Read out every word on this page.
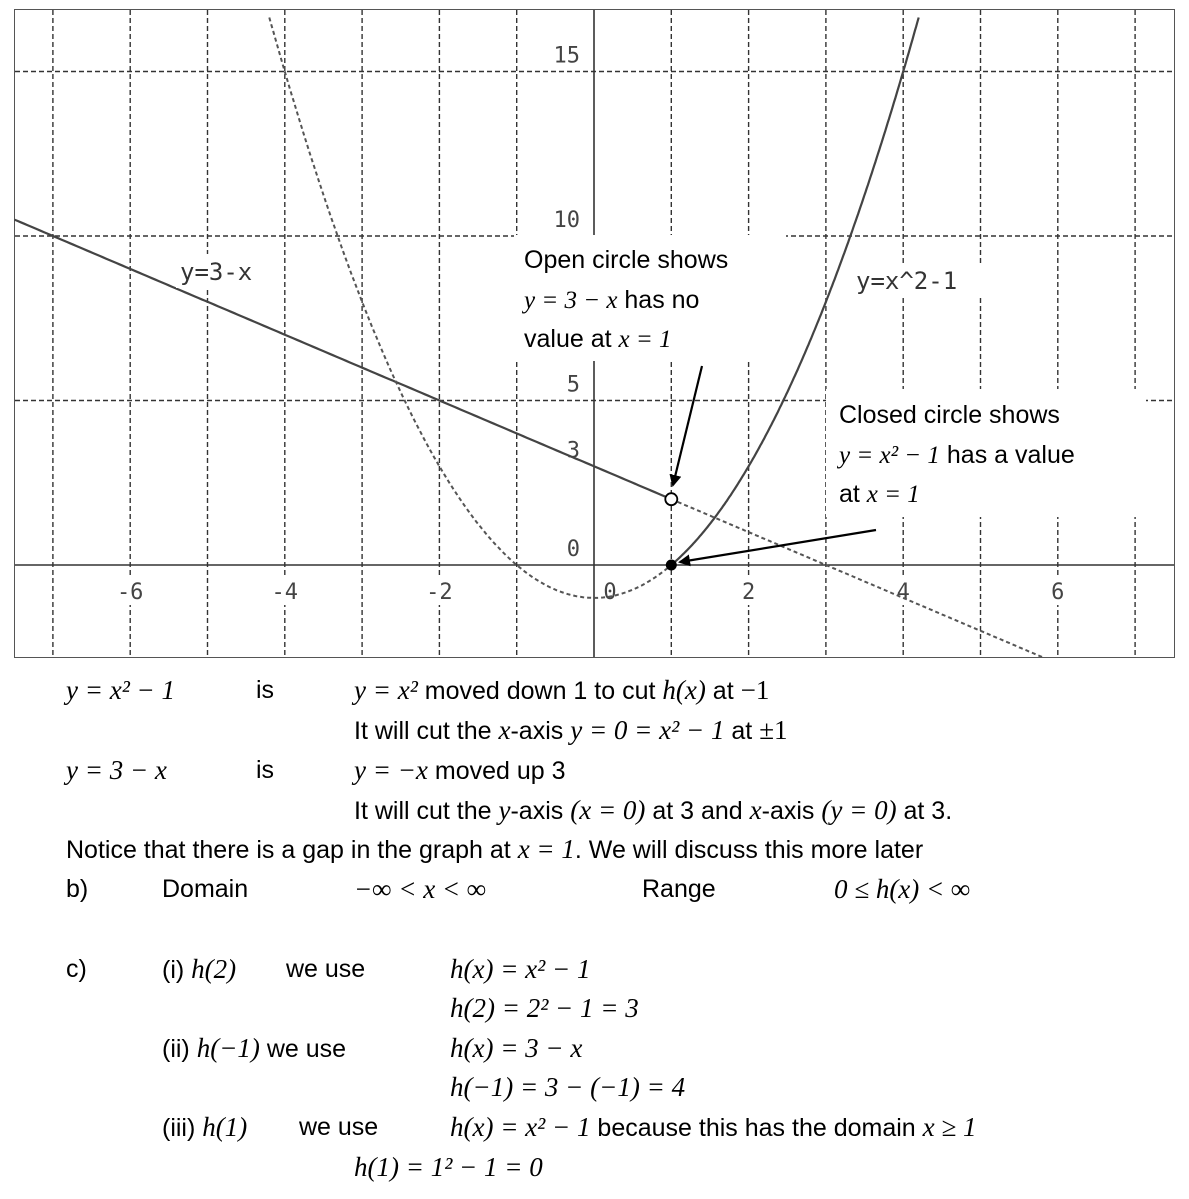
-6	-4	-2	2	4	6
0
0
3
5
10
15
y=3-x	y=x^2-1
Open circle shows
y = 3 − x has no
value at x = 1
Closed circle shows
y = x² − 1 has a value
at x = 1
y = x² − 1	is	y = x² moved down 1 to cut h(x) at −1
It will cut the x-axis y = 0 = x² − 1 at ±1
y = 3 − x	is	y = −x moved up 3
It will cut the y-axis (x = 0) at 3 and x-axis (y = 0) at 3.
Notice that there is a gap in the graph at x = 1. We will discuss this more later
b)	Domain	−∞ < x < ∞	Range	0 ≤ h(x) < ∞
c)	(i) h(2) we use	h(x) = x² − 1
h(2) = 2² − 1 = 3
(ii) h(−1) we use	h(x) = 3 − x
h(−1) = 3 − (−1) = 4
(iii) h(1) we use	h(x) = x² − 1 because this has the domain x ≥ 1
h(1) = 1² − 1 = 0
